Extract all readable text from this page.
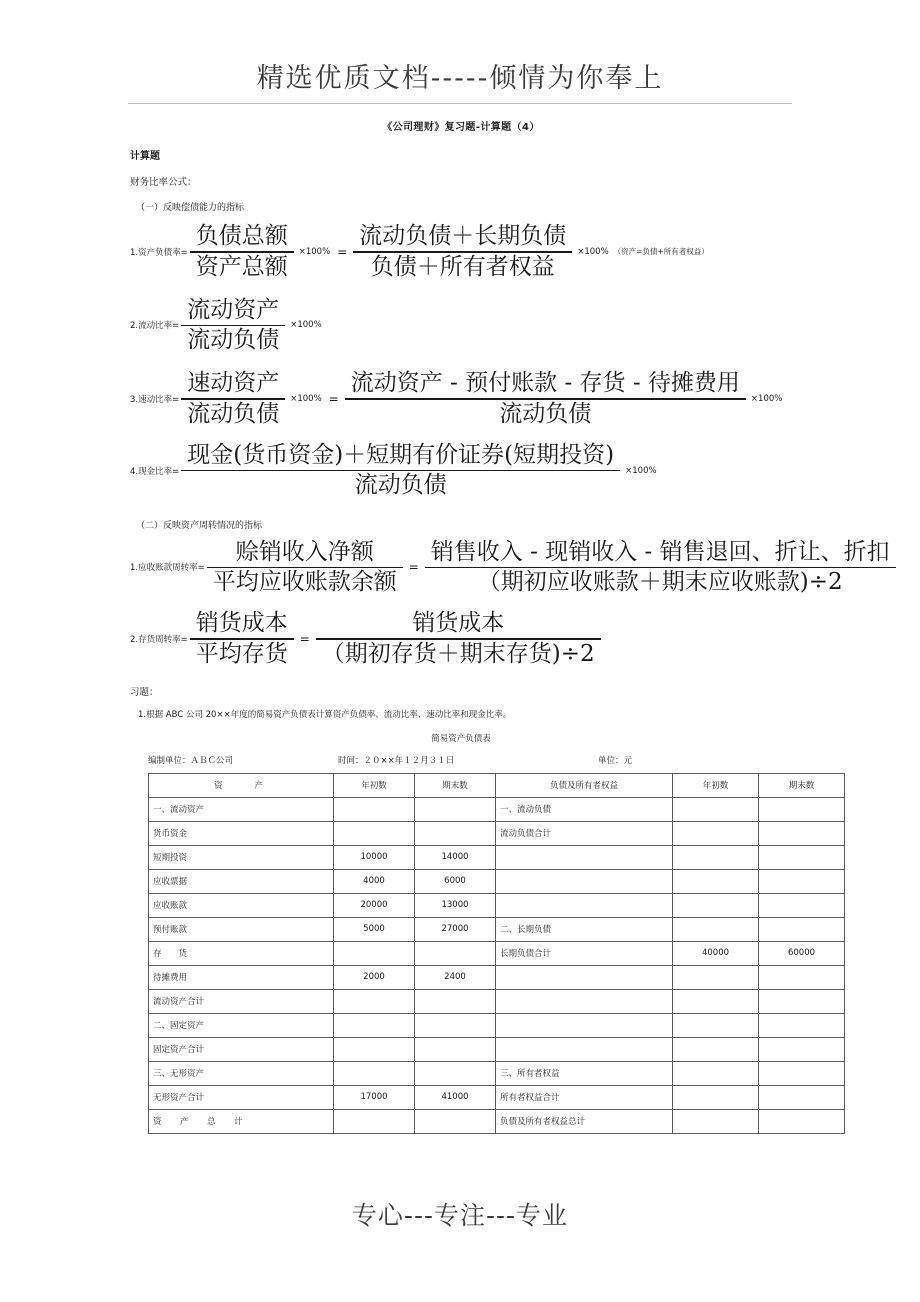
精选优质文档-----倾情为你奉上
《公司理财》复习题-计算题（4）
计算题
财务比率公式：
（一）反映偿债能力的指标
1.资产负债率= $\frac{\text{负债总额}}{\text{资产总额}} \times 100\% = \frac{\text{流动负债＋长期负债}}{\text{负债＋所有者权益}} \times 100\%$ （资产=负债+所有者权益）
2.流动比率= $\frac{\text{流动资产}}{\text{流动负债}} \times 100\%$
3.速动比率= $\frac{\text{速动资产}}{\text{流动负债}} \times 100\% = \frac{\text{流动资产 - 预付账款 - 存货 - 待摊费用}}{\text{流动负债}} \times 100\%$
4.现金比率= $\frac{\text{现金(货币资金)＋短期有价证券(短期投资)}}{\text{流动负债}} \times 100\%$
（二）反映资产周转情况的指标
1.应收账款周转率= $\frac{\text{赊销收入净额}}{\text{平均应收账款余额}} = \frac{\text{销售收入 - 现销收入 - 销售退回、折让、折扣}}{\text{（期初应收账款＋期末应收账款)÷2}}$
2.存货周转率= $\frac{\text{销货成本}}{\text{平均存货}} = \frac{\text{销货成本}}{\text{（期初存货＋期末存货)÷2}}$
习题：
1.根据 ABC 公司 20××年度的简易资产负债表计算资产负债率、流动比率、速动比率和现金比率。
简易资产负债表
编制单位：ＡＢＣ公司	时间：２０××年１２月３１日	单位：元
资　　产	年初数	期末数	负债及所有者权益	年初数	期末数
一、流动资产			一、流动负债		
货币资金			流动负债合计		
短期投资	10000	14000			
应收票据	4000	6000			
应收账款	20000	13000			
预付账款	5000	27000	二、长期负债		
存　　货			长期负债合计	40000	60000
待摊费用	2000	2400			
流动资产合计					
二、固定资产					
固定资产合计					
三、无形资产			三、所有者权益		
无形资产合计	17000	41000	所有者权益合计		
资　产　总　计			负债及所有者权益总计		
专心---专注---专业
